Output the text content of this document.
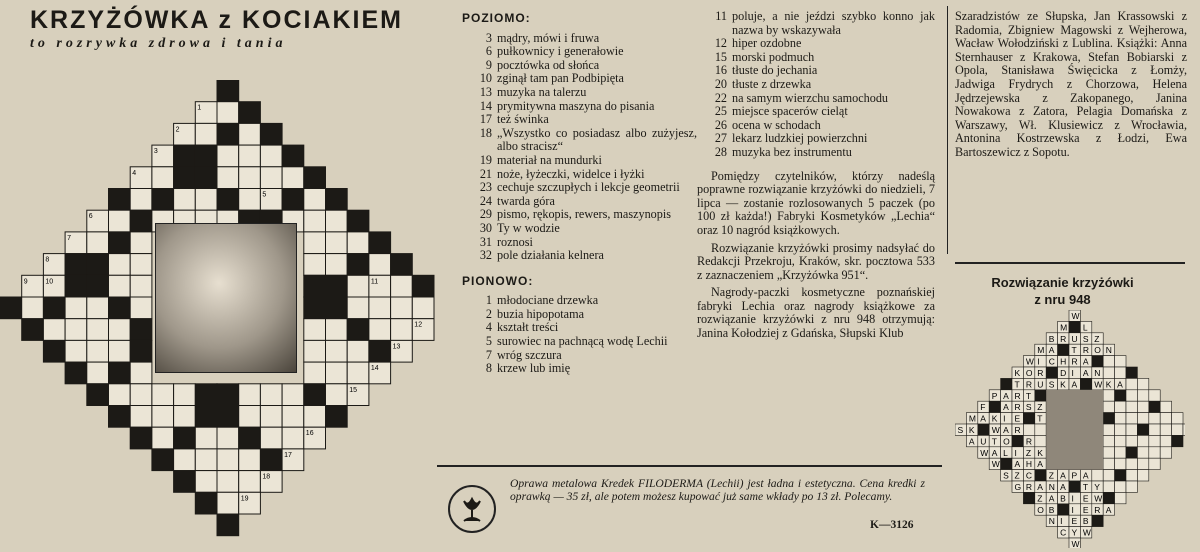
KRZYŻÓWKA z KOCIAKIEM
to rozrywka zdrowa i tania
1
2
3
4
5
6
7
8
9	10	11
12
13
14
15
16
17
18
19
POZIOMO:
3 mądry, mówi i fruwa
6 pułkownicy i generałowie
9 pocztówka od słońca
10 zginął tam pan Podbipięta
13 muzyka na talerzu
14 prymitywna maszyna do pisania
17 też świnka
18 „Wszystko co posiadasz albo zużyjesz, albo stracisz“
19 materiał na mundurki
21 noże, łyżeczki, widelce i łyżki
23 cechuje szczupłych i lekcje geometrii
24 twarda góra
29 pismo, rękopis, rewers, maszynopis
30 Ty w wodzie
31 roznosi
32 pole działania kelnera
PIONOWO:
1 młodociane drzewka
2 buzia hipopotama
4 kształt treści
5 surowiec na pachnącą wodę Lechii
7 wróg szczura
8 krzew lub imię
11 poluje, a nie jeździ szybko konno jak nazwa by wskazywała
12 hiper ozdobne
15 morski podmuch
16 tłuste do jechania
20 tłuste z drzewka
22 na samym wierzchu samochodu
25 miejsce spacerów cieląt
26 ocena w schodach
27 lekarz ludzkiej powierzchni
28 muzyka bez instrumentu

Pomiędzy czytelników, którzy nadeślą poprawne rozwiązanie krzyżówki do niedzieli, 7 lipca — zostanie rozlosowanych 5 paczek (po 100 zł każda!) Fabryki Kosmetyków „Lechia“ oraz 10 nagród książkowych.

Rozwiązanie krzyżówki prosimy nadsyłać do Redakcji Przekroju, Kraków, skr. pocztowa 533 z zaznaczeniem „Krzyżówka 951“.

Nagrody-paczki kosmetyczne poznańskiej fabryki Lechia oraz nagrody książkowe za rozwiązanie krzyżówki z nru 948 otrzymują: Janina Kołodziej z Gdańska, Słupski Klub

Szaradzistów ze Słupska, Jan Krassowski z Radomia, Zbigniew Magowski z Wejherowa, Wacław Wołodziński z Lublina. Książki: Anna Sternhauser z Krakowa, Stefan Bobiarski z Opola, Stanisława Święcicka z Łomży, Jadwiga Frydrych z Chorzowa, Helena Jędrzejewska z Zakopanego, Janina Nowakowa z Zatora, Pelagia Domańska z Warszawy, Wł. Klusiewicz z Wrocławia, Antonina Kostrzewska z Łodzi, Ewa Bartoszewicz z Sopotu.

Rozwiązanie krzyżówki
z nru 948
W
M L
B R U S Z
M A T R O N
W I C H R A
K O R D I A N
T R U S K A W K A
P A R T
F A R S Z
M A K I E T
S K W A R
A U T O R
W A L I Z K
W A H A
S Z C Z A P A
G R A N A T Y
Z A B I E W
O B I E R A
N I E B
C Y W
W
Oprawa metalowa Kredek FILODERMA (Lechii) jest ładna i estetyczna. Cena kredki z oprawką — 35 zł, ale potem możesz kupować już same wkłady po 13 zł. Polecamy.
K—3126
